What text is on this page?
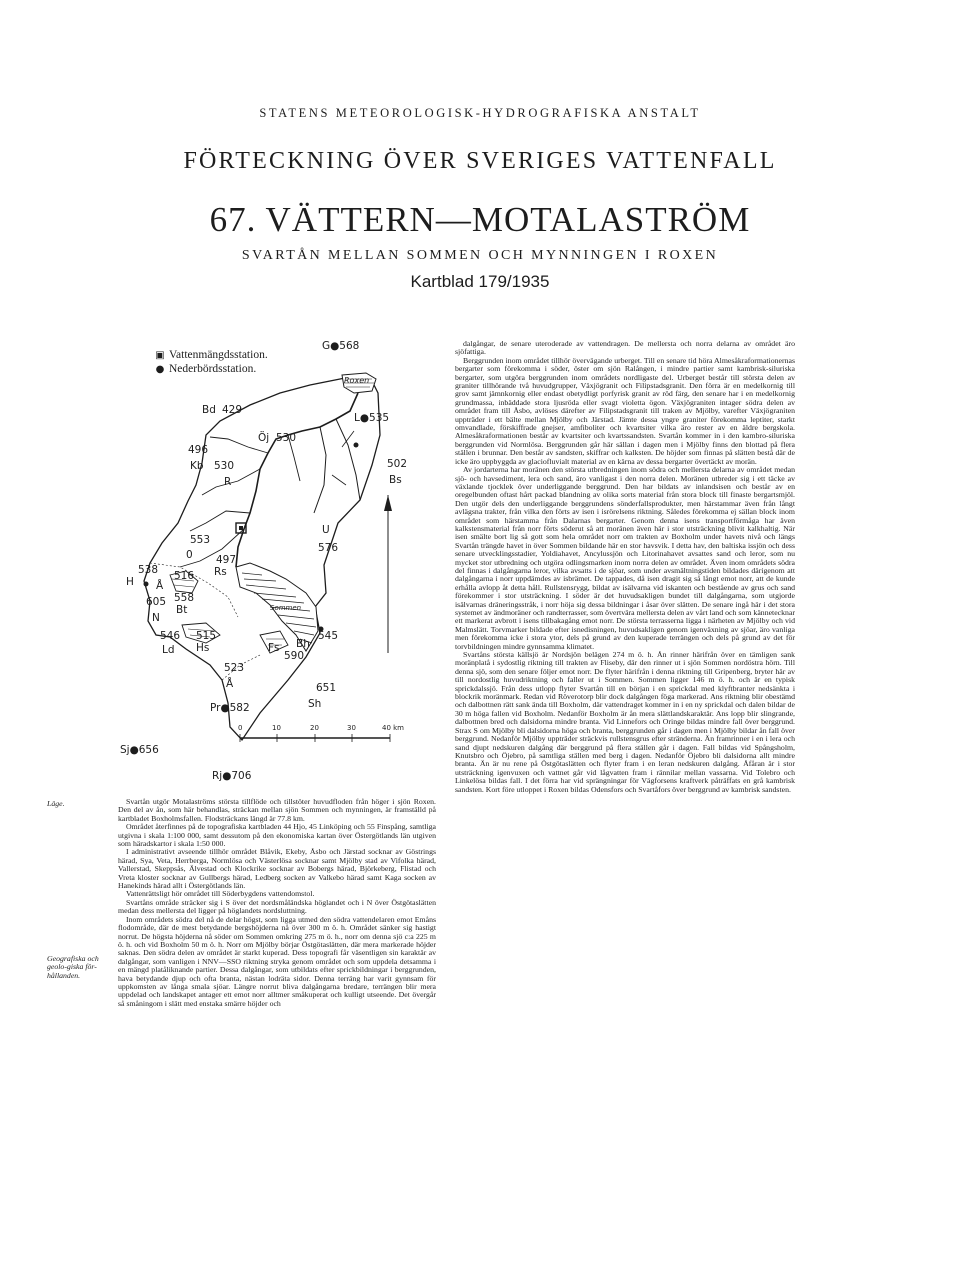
STATENS METEOROLOGISK-HYDROGRAFISKA ANSTALT
FÖRTECKNING ÖVER SVERIGES VATTENFALL
67. VÄTTERN—MOTALASTRÖM
SVARTÅN MELLAN SOMMEN OCH MYNNINGEN I ROXEN
Kartblad 179/1935
▣ Vattenmängdsstation.
● Nederbördsstation.
G●568
Roxen
L●535
502
Bs
Bd 429
Öj 530
496
Kb 530
R
U
576
553
0 497
Rs
538
H Å
516
605 558
Bt
N
546
Ld
515
Hs
Sommen
Bh
545
Fs
590
523
Å	651
Sh
Pr●582
Sj●656
Rj●706
0	10	20	30	40 km
Läge.
Geografiska och geolo-giska för-hållanden.

Svartån utgör Motalaströms största tillflöde och tillstöter huvudfloden från höger i sjön Roxen. Den del av ån, som här behandlas, sträckan mellan sjön Sommen och mynningen, är framställd på kartbladet Boxholmsfallen. Flodsträckans längd är 77.8 km.

Området återfinnes på de topografiska kartbladen 44 Hjo, 45 Linköping och 55 Finspång, samtliga utgivna i skala 1:100 000, samt dessutom på den ekonomiska kartan över Östergötlands län utgiven som häradskartor i skala 1:50 000.

I administrativt avseende tillhör området Blåvik, Ekeby, Åsbo och Järstad socknar av Göstrings härad, Sya, Veta, Herrberga, Normlösa och Västerlösa socknar samt Mjölby stad av Vifolka härad, Vallerstad, Skeppsås, Älvestad och Klockrike socknar av Bobergs härad, Björkeberg, Flistad och Vreta kloster socknar av Gullbergs härad, Ledberg socken av Valkebo härad samt Kaga socken av Hanekinds härad allt i Östergötlands län.

Vattenrättsligt hör området till Söderbygdens vattendomstol.

Svartåns område sträcker sig i S över det nordsmåländska höglandet och i N över Östgötaslätten medan dess mellersta del ligger på höglandets nordsluttning.

Inom områdets södra del nå de delar högst, som ligga utmed den södra vattendelaren emot Emåns flodområde, där de mest betydande bergshöjderna nå över 300 m ö. h. Området sänker sig hastigt norrut. De högsta höjderna nå söder om Sommen omkring 275 m ö. h., norr om denna sjö c:a 225 m ö. h. och vid Boxholm 50 m ö. h. Norr om Mjölby börjar Östgötaslätten, där mera markerade höjder saknas. Den södra delen av området är starkt kuperad. Dess topografi får väsentligen sin karaktär av dalgångar, som vanligen i NNV—SSO riktning stryka genom området och som uppdela detsamma i en mängd platåliknande partier. Dessa dalgångar, som utbildats efter sprickbildningar i berggrunden, hava betydande djup och ofta branta, nästan lodräta sidor. Denna terräng har varit gynnsam för uppkomsten av långa smala sjöar. Längre norrut bliva dalgångarna bredare, terrängen blir mera uppdelad och landskapet antager ett emot norr alltmer småkuperat och kulligt utseende. Det övergår så småningom i slätt med enstaka smärre höjder och

dalgångar, de senare uteroderade av vattendragen. De mellersta och norra delarna av området äro sjöfattiga.

Berggrunden inom området tillhör övervägande urberget. Till en senare tid höra Almesåkraformationernas bergarter som förekomma i söder, öster om sjön Ralången, i mindre partier samt kambrisk-siluriska bergarter, som utgöra berggrunden inom områdets nordligaste del. Urberget består till största delen av graniter tillhörande två huvudgrupper, Växjögranit och Filipstadsgranit. Den förra är en medelkornig till grov samt jämnkornig eller endast obetydligt porfyrisk granit av röd färg, den senare har i en medelkornig grundmassa, inbäddade stora ljusröda eller svagt violetta ögon. Växjögraniten intager södra delen av området fram till Åsbo, avlöses därefter av Filipstadsgranit till traken av Mjölby, varefter Växjögraniten uppträder i ett bälte mellan Mjölby och Järstad. Jämte dessa yngre graniter förekomma leptiter, starkt omvandlade, förskiffrade gnejser, amfiboliter och kvartsiter vilka äro rester av en äldre bergskola. Almesåkraformationen består av kvartsiter och kvartssandsten. Svartån kommer in i den kambro-siluriska berggrunden vid Normlösa. Berggrunden går här sällan i dagen men i Mjölby finns den blottad på flera ställen i brunnar. Den består av sandsten, skiffrar och kalksten. De höjder som finnas på slätten bestå där de icke äro uppbyggda av glaciofluvialt material av en kärna av dessa bergarter övertäckt av morän.

Av jordarterna har moränen den största utbredningen inom södra och mellersta delarna av området medan sjö- och havsediment, lera och sand, äro vanligast i den norra delen. Moränen utbreder sig i ett täcke av växlande tjocklek över underliggande berggrund. Den har bildats av inlandsisen och består av en oregelbunden oftast hårt packad blandning av olika sorts material från stora block till finaste bergartsmjöl. Den utgör dels den underliggande berggrundens sönderfallsprodukter, men härstammar även från långt avlägsna trakter, från vilka den förts av isen i isrörelsens riktning. Således förekomma ej sällan block inom området som härstamma från Dalarnas bergarter. Genom denna isens transportförmåga har även kalkstensmaterial från norr förts söderut så att moränen även här i stor utsträckning blivit kalkhaltig. När isen smälte bort lig så gott som hela området norr om trakten av Boxholm under havets nivå och längs Svartån trängde havet in över Sommen bildande här en stor havsvik. I detta hav, den baltiska issjön och dess senare utvecklingsstadier, Yoldiahavet, Ancylussjön och Litorinahavet avsattes sand och leror, som nu mycket stor utbredning och utgöra odlingsmarken inom norra delen av området. Även inom områdets södra del finnas i dalgångarna leror, vilka avsatts i de sjöar, som under avsmältningstiden bildades därigenom att dalgångarna i norr uppdämdes av isbrämet. De tappades, då isen dragit sig så långt emot norr, att de kunde erhålla avlopp åt detta håll. Rullstensrygg, bildat av isälvarna vid iskanten och bestående av grus och sand förekommer i stor utsträckning. I söder är det huvudsakligen bundet till dalgångarna, som utgjorde isälvarnas dräneringsstråk, i norr höja sig dessa bildningar i åsar över slätten. De senare ingå här i det stora systemet av ändmoräner och randterrasser, som övertvära mellersta delen av vårt land och som kännetecknar ett markerat avbrott i isens tillbakagång emot norr. De största terrasserna ligga i närheten av Mjölby och vid Malmslätt. Torvmarker bildade efter isnedisningen, huvudsakligen genom igenväxning av sjöar, äro vanliga men förekomma icke i stora ytor, dels på grund av den kuperade terrängen och dels på grund av det för torvbildningen mindre gynnsamma klimatet.

Svartåns största källsjö är Nordsjön belägen 274 m ö. h. Ån rinner härifrån över en tämligen sank moränplatå i sydostlig riktning till trakten av Fliseby, där den rinner ut i sjön Sommen nordöstra hörn. Till denna sjö, som den senare följer emot norr. De flyter härifrån i denna riktning till Gripenberg, bryter här av till nordostlig huvudriktning och faller ut i Sommen. Sommen ligger 146 m ö. h. och är en typisk sprickdalssjö. Från dess utlopp flyter Svartån till en början i en sprickdal med klyftbranter nedsänkta i blockrik moränmark. Redan vid Röverotorp blir dock dalgången föga markerad. Ans riktning blir obestämd och dalbottnen rätt sank ända till Boxholm, där vattendraget kommer in i en ny sprickdal och dalen bildar de 30 m höga fallen vid Boxholm. Nedanför Boxholm är ån mera slättlandskaraktär. Ans lopp blir slingrande, dalbottnen bred och dalsidorna mindre branta. Vid Linnefors och Oringe bildas mindre fall över berggrund. Strax S om Mjölby bli dalsidorna höga och branta, berggrunden går i dagen men i Mjölby bildar ån fall över berggrund. Nedanför Mjölby uppträder sträckvis rullstensgrus efter stränderna. Än framrinner i en i lera och sand djupt nedskuren dalgång där berggrund på flera ställen går i dagen. Fall bildas vid Spångsholm, Knutsbro och Öjebro, på samtliga ställen med berg i dagen. Nedanför Öjebro bli dalsidorna allt mindre branta. Än är nu rene på Östgötaslätten och flyter fram i en leran nedskuren dalgång. Åfåran är i stor utsträckning igenvuxen och vattnet går vid lågvatten fram i rännilar mellan vassarna. Vid Tolebro och Linkelösa bildas fall. I det förra har vid sprängningar för Vägforsens kraftverk påträffats en grå kambrisk sandsten. Kort före utloppet i Roxen bildas Odensfors och Svartåfors över berggrund av kambrisk sandsten.
